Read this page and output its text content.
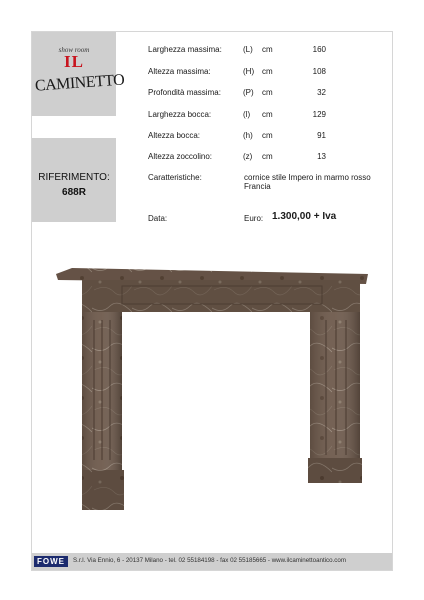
show room
IL
CAMINETTO
RIFERIMENTO:
688R
Larghezza massima:	(L) cm	160
Altezza massima:	(H) cm	108
Profondità massima:	(P) cm	32
Larghezza bocca:	(l) cm	129
Altezza bocca:	(h) cm	91
Altezza zoccolino:	(z) cm	13
Caratteristiche:	cornice stile Impero in marmo rosso Francia
Data:	Euro: 1.300,00 + Iva
FOWE	S.r.l. Via Ennio, 6 - 20137 Milano - tel. 02 55184198 - fax 02 55185665 - www.ilcaminettoantico.com
